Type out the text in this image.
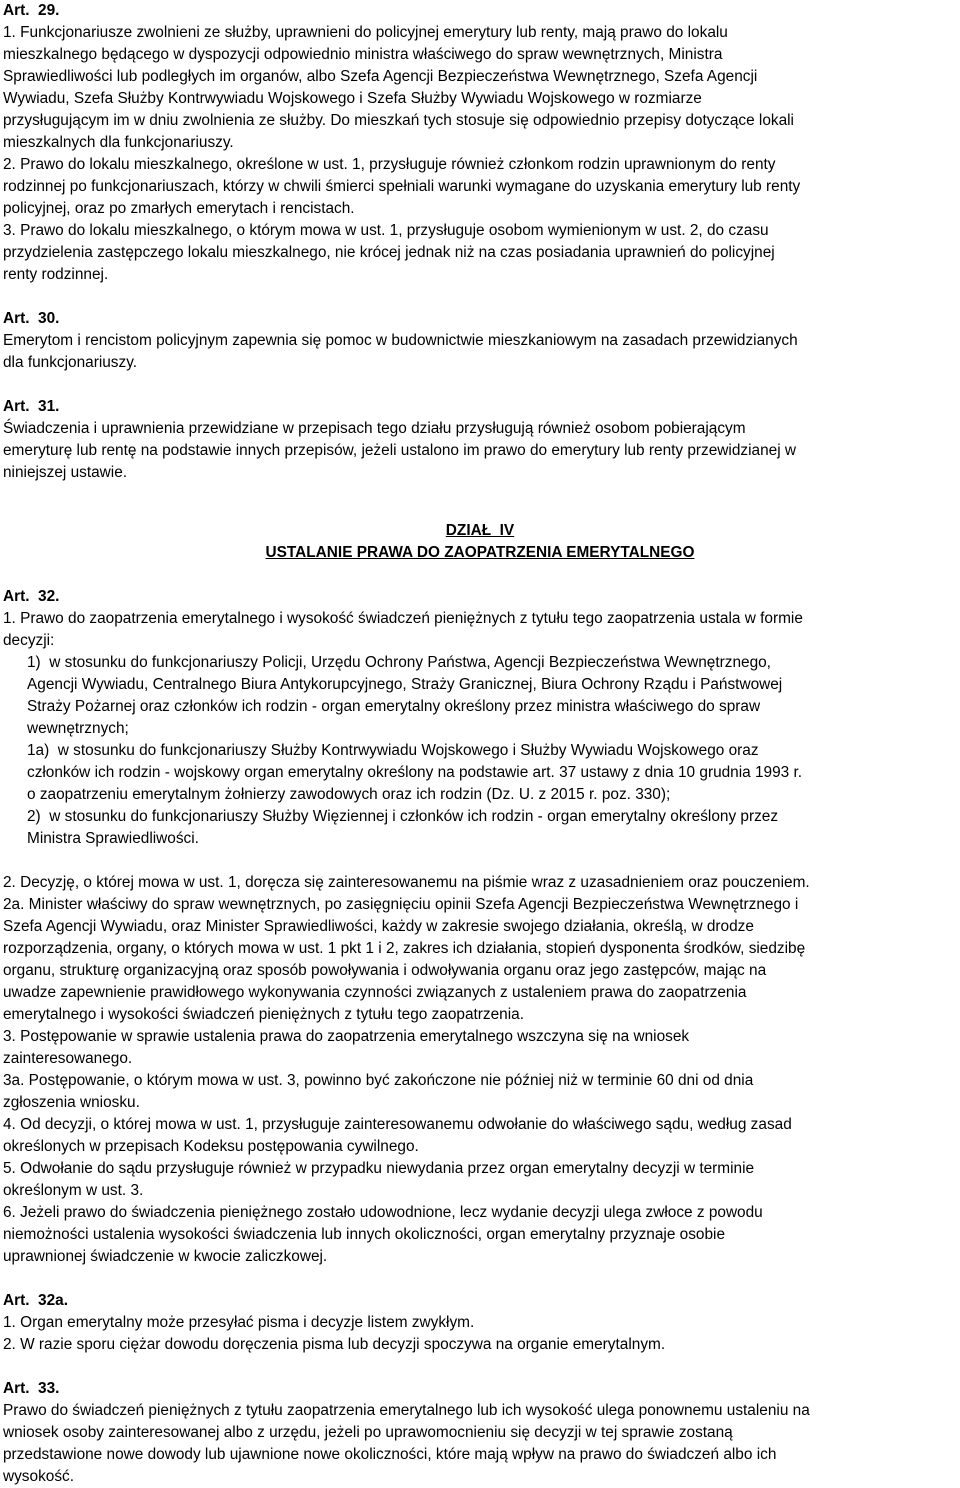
Art.  29.
1. Funkcjonariusze zwolnieni ze służby, uprawnieni do policyjnej emerytury lub renty, mają prawo do lokalu
mieszkalnego będącego w dyspozycji odpowiednio ministra właściwego do spraw wewnętrznych, Ministra
Sprawiedliwości lub podległych im organów, albo Szefa Agencji Bezpieczeństwa Wewnętrznego, Szefa Agencji
Wywiadu, Szefa Służby Kontrwywiadu Wojskowego i Szefa Służby Wywiadu Wojskowego w rozmiarze
przysługującym im w dniu zwolnienia ze służby. Do mieszkań tych stosuje się odpowiednio przepisy dotyczące lokali
mieszkalnych dla funkcjonariuszy.
2. Prawo do lokalu mieszkalnego, określone w ust. 1, przysługuje również członkom rodzin uprawnionym do renty
rodzinnej po funkcjonariuszach, którzy w chwili śmierci spełniali warunki wymagane do uzyskania emerytury lub renty
policyjnej, oraz po zmarłych emerytach i rencistach.
3. Prawo do lokalu mieszkalnego, o którym mowa w ust. 1, przysługuje osobom wymienionym w ust. 2, do czasu
przydzielenia zastępczego lokalu mieszkalnego, nie krócej jednak niż na czas posiadania uprawnień do policyjnej
renty rodzinnej.
Art.  30.
Emerytom i rencistom policyjnym zapewnia się pomoc w budownictwie mieszkaniowym na zasadach przewidzianych
dla funkcjonariuszy.
Art.  31.
Świadczenia i uprawnienia przewidziane w przepisach tego działu przysługują również osobom pobierającym
emeryturę lub rentę na podstawie innych przepisów, jeżeli ustalono im prawo do emerytury lub renty przewidzianej w
niniejszej ustawie.
DZIAŁ  IV
USTALANIE PRAWA DO ZAOPATRZENIA EMERYTALNEGO
Art.  32.
1. Prawo do zaopatrzenia emerytalnego i wysokość świadczeń pieniężnych z tytułu tego zaopatrzenia ustala w formie
decyzji:
1)  w stosunku do funkcjonariuszy Policji, Urzędu Ochrony Państwa, Agencji Bezpieczeństwa Wewnętrznego,
Agencji Wywiadu, Centralnego Biura Antykorupcyjnego, Straży Granicznej, Biura Ochrony Rządu i Państwowej
Straży Pożarnej oraz członków ich rodzin - organ emerytalny określony przez ministra właściwego do spraw
wewnętrznych;
1a)  w stosunku do funkcjonariuszy Służby Kontrwywiadu Wojskowego i Służby Wywiadu Wojskowego oraz
członków ich rodzin - wojskowy organ emerytalny określony na podstawie art. 37 ustawy z dnia 10 grudnia 1993 r.
o zaopatrzeniu emerytalnym żołnierzy zawodowych oraz ich rodzin (Dz. U. z 2015 r. poz. 330);
2)  w stosunku do funkcjonariuszy Służby Więziennej i członków ich rodzin - organ emerytalny określony przez
Ministra Sprawiedliwości.
2. Decyzję, o której mowa w ust. 1, doręcza się zainteresowanemu na piśmie wraz z uzasadnieniem oraz pouczeniem.
2a. Minister właściwy do spraw wewnętrznych, po zasięgnięciu opinii Szefa Agencji Bezpieczeństwa Wewnętrznego i
Szefa Agencji Wywiadu, oraz Minister Sprawiedliwości, każdy w zakresie swojego działania, określą, w drodze
rozporządzenia, organy, o których mowa w ust. 1 pkt 1 i 2, zakres ich działania, stopień dysponenta środków, siedzibę
organu, strukturę organizacyjną oraz sposób powoływania i odwoływania organu oraz jego zastępców, mając na
uwadze zapewnienie prawidłowego wykonywania czynności związanych z ustaleniem prawa do zaopatrzenia
emerytalnego i wysokości świadczeń pieniężnych z tytułu tego zaopatrzenia.
3. Postępowanie w sprawie ustalenia prawa do zaopatrzenia emerytalnego wszczyna się na wniosek
zainteresowanego.
3a. Postępowanie, o którym mowa w ust. 3, powinno być zakończone nie później niż w terminie 60 dni od dnia
zgłoszenia wniosku.
4. Od decyzji, o której mowa w ust. 1, przysługuje zainteresowanemu odwołanie do właściwego sądu, według zasad
określonych w przepisach Kodeksu postępowania cywilnego.
5. Odwołanie do sądu przysługuje również w przypadku niewydania przez organ emerytalny decyzji w terminie
określonym w ust. 3.
6. Jeżeli prawo do świadczenia pieniężnego zostało udowodnione, lecz wydanie decyzji ulega zwłoce z powodu
niemożności ustalenia wysokości świadczenia lub innych okoliczności, organ emerytalny przyznaje osobie
uprawnionej świadczenie w kwocie zaliczkowej.
Art.  32a.
1. Organ emerytalny może przesyłać pisma i decyzje listem zwykłym.
2. W razie sporu ciężar dowodu doręczenia pisma lub decyzji spoczywa na organie emerytalnym.
Art.  33.
Prawo do świadczeń pieniężnych z tytułu zaopatrzenia emerytalnego lub ich wysokość ulega ponownemu ustaleniu na
wniosek osoby zainteresowanej albo z urzędu, jeżeli po uprawomocnieniu się decyzji w tej sprawie zostaną
przedstawione nowe dowody lub ujawnione nowe okoliczności, które mają wpływ na prawo do świadczeń albo ich
wysokość.
